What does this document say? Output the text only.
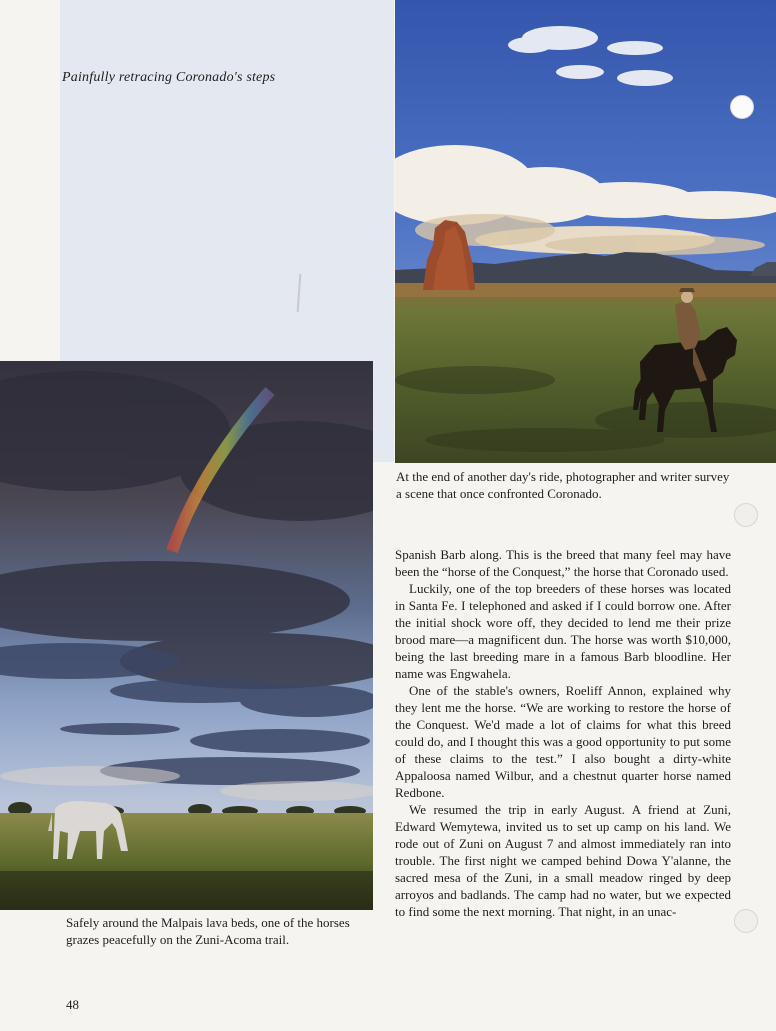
Painfully retracing Coronado's steps
At the end of another day's ride, photographer and writer survey a scene that once confronted Coronado.

Spanish Barb along. This is the breed that many feel may have been the “horse of the Conquest,” the horse that Coronado used.

Luckily, one of the top breeders of these horses was located in Santa Fe. I telephoned and asked if I could borrow one. After the initial shock wore off, they decided to lend me their prize brood mare—a magnificent dun. The horse was worth $10,000, being the last breeding mare in a famous Barb bloodline. Her name was Engwahela.

One of the stable's owners, Roeliff Annon, explained why they lent me the horse. “We are working to restore the horse of the Conquest. We'd made a lot of claims for what this breed could do, and I thought this was a good opportunity to put some of these claims to the test.” I also bought a dirty-white Appaloosa named Wilbur, and a chestnut quarter horse named Redbone.

We resumed the trip in early August. A friend at Zuni, Edward Wemytewa, invited us to set up camp on his land. We rode out of Zuni on August 7 and almost immediately ran into trouble. The first night we camped behind Dowa Y'alanne, the sacred mesa of the Zuni, in a small meadow ringed by deep arroyos and badlands. The camp had no water, but we expected to find some the next morning. That night, in an unac-

Safely around the Malpais lava beds, one of the horses grazes peacefully on the Zuni-Acoma trail.
48
